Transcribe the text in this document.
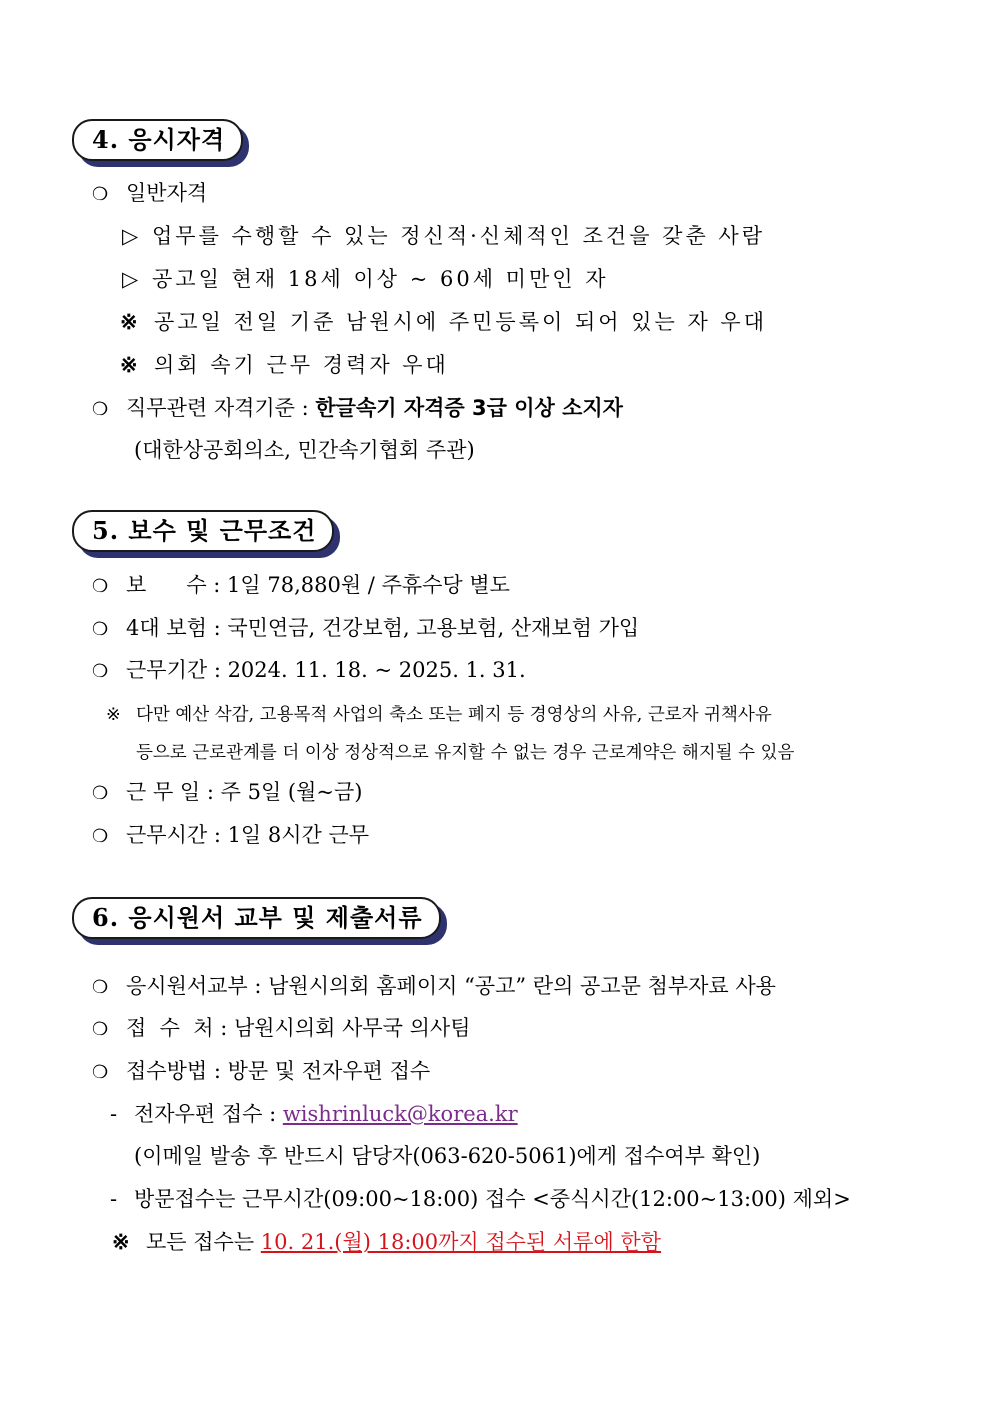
4. 응시자격
❍ 일반자격
▷ 업무를 수행할 수 있는 정신적·신체적인 조건을 갖춘 사람
▷ 공고일 현재 18세 이상 ~ 60세 미만인 자
※ 공고일 전일 기준 남원시에 주민등록이 되어 있는 자 우대
※ 의회 속기 근무 경력자 우대
❍ 직무관련 자격기준 : 한글속기 자격증 3급 이상 소지자
(대한상공회의소, 민간속기협회 주관)
5. 보수 및 근무조건
❍ 보      수 : 1일 78,880원 / 주휴수당 별도
❍ 4대 보험 : 국민연금, 건강보험, 고용보험, 산재보험 가입
❍ 근무기간 : 2024. 11. 18. ~ 2025. 1. 31.
※ 다만 예산 삭감, 고용목적 사업의 축소 또는 폐지 등 경영상의 사유, 근로자 귀책사유
등으로 근로관계를 더 이상 정상적으로 유지할 수 없는 경우 근로계약은 해지될 수 있음
❍ 근 무 일 : 주 5일 (월~금)
❍ 근무시간 : 1일 8시간 근무
6. 응시원서 교부 및 제출서류
❍ 응시원서교부 : 남원시의회 홈페이지 “공고” 란의 공고문 첨부자료 사용
❍ 접  수  처 : 남원시의회 사무국 의사팀
❍ 접수방법 : 방문 및 전자우편 접수
- 전자우편 접수 : wishrinluck@korea.kr
(이메일 발송 후 반드시 담당자(063-620-5061)에게 접수여부 확인)
- 방문접수는 근무시간(09:00~18:00) 접수 <중식시간(12:00~13:00) 제외>
※ 모든 접수는 10. 21.(월) 18:00까지 접수된 서류에 한함
